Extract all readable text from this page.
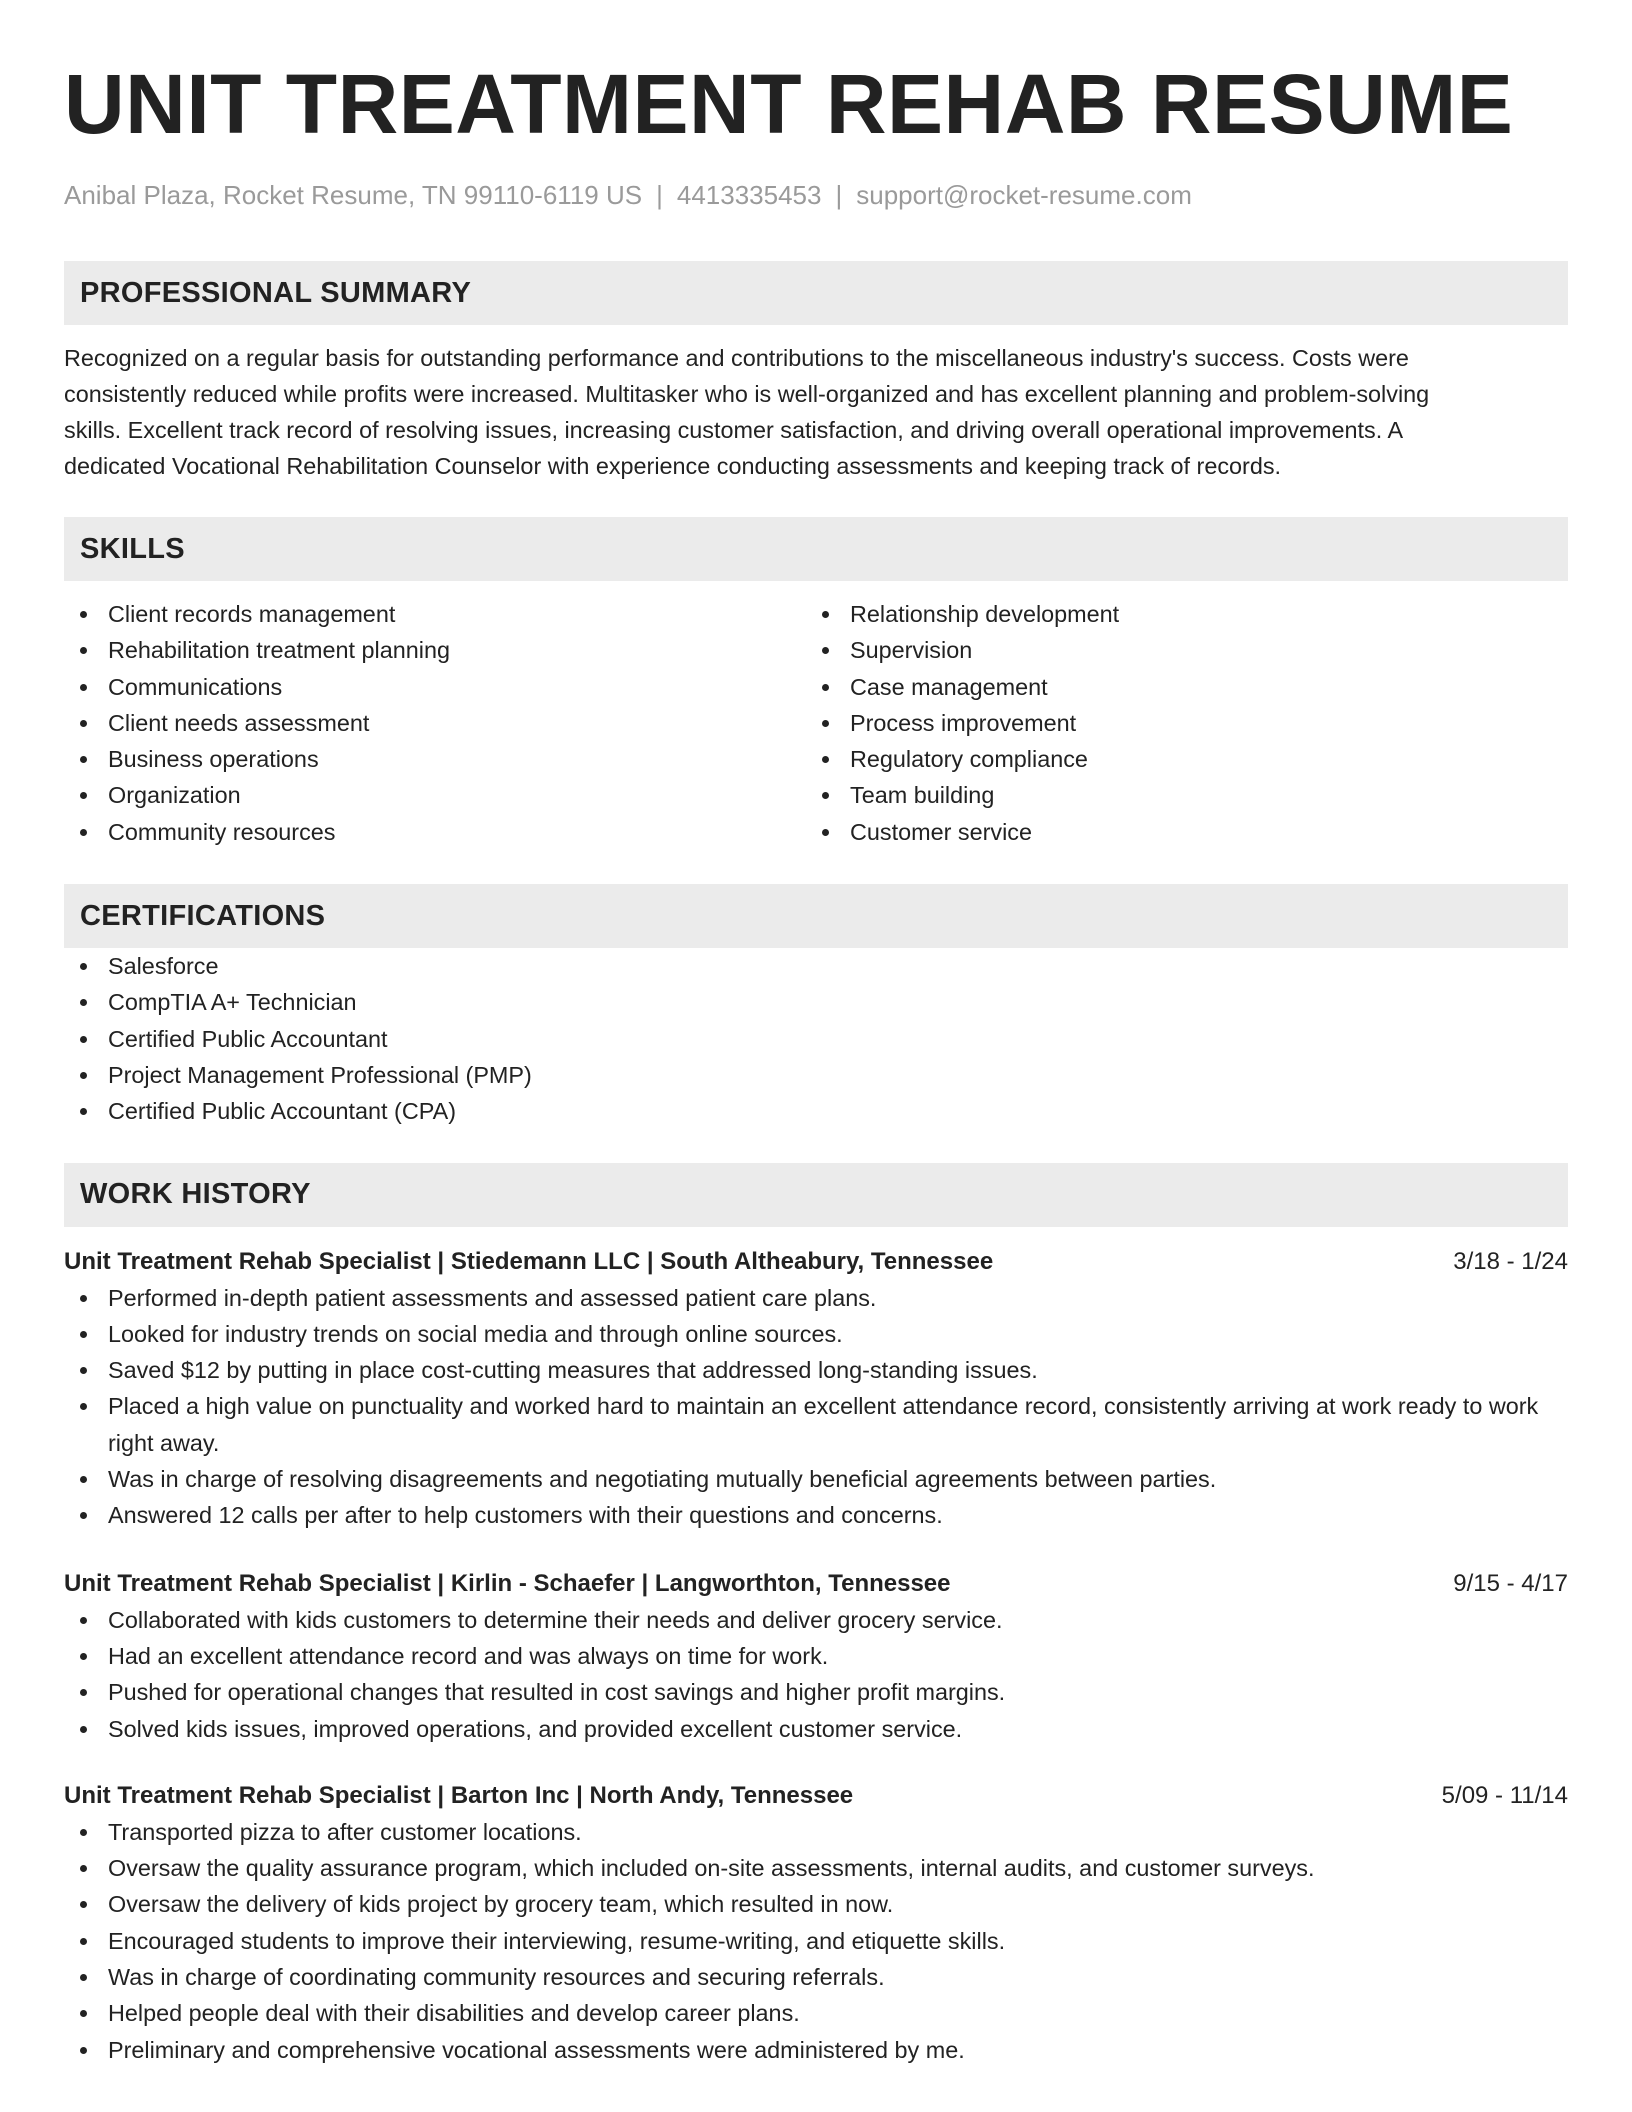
UNIT TREATMENT REHAB RESUME
Anibal Plaza, Rocket Resume, TN 99110-6119 US | 4413335453 | support@rocket-resume.com
PROFESSIONAL SUMMARY
Recognized on a regular basis for outstanding performance and contributions to the miscellaneous industry's success. Costs were
consistently reduced while profits were increased. Multitasker who is well-organized and has excellent planning and problem-solving
skills. Excellent track record of resolving issues, increasing customer satisfaction, and driving overall operational improvements. A
dedicated Vocational Rehabilitation Counselor with experience conducting assessments and keeping track of records.
SKILLS
Client records management
Rehabilitation treatment planning
Communications
Client needs assessment
Business operations
Organization
Community resources
Relationship development
Supervision
Case management
Process improvement
Regulatory compliance
Team building
Customer service
CERTIFICATIONS
Salesforce
CompTIA A+ Technician
Certified Public Accountant
Project Management Professional (PMP)
Certified Public Accountant (CPA)
WORK HISTORY
Unit Treatment Rehab Specialist | Stiedemann LLC | South Altheabury, Tennessee	3/18 - 1/24
Performed in-depth patient assessments and assessed patient care plans.
Looked for industry trends on social media and through online sources.
Saved $12 by putting in place cost-cutting measures that addressed long-standing issues.
Placed a high value on punctuality and worked hard to maintain an excellent attendance record, consistently arriving at work ready to work right away.
Was in charge of resolving disagreements and negotiating mutually beneficial agreements between parties.
Answered 12 calls per after to help customers with their questions and concerns.
Unit Treatment Rehab Specialist | Kirlin - Schaefer | Langworthton, Tennessee	9/15 - 4/17
Collaborated with kids customers to determine their needs and deliver grocery service.
Had an excellent attendance record and was always on time for work.
Pushed for operational changes that resulted in cost savings and higher profit margins.
Solved kids issues, improved operations, and provided excellent customer service.
Unit Treatment Rehab Specialist | Barton Inc | North Andy, Tennessee	5/09 - 11/14
Transported pizza to after customer locations.
Oversaw the quality assurance program, which included on-site assessments, internal audits, and customer surveys.
Oversaw the delivery of kids project by grocery team, which resulted in now.
Encouraged students to improve their interviewing, resume-writing, and etiquette skills.
Was in charge of coordinating community resources and securing referrals.
Helped people deal with their disabilities and develop career plans.
Preliminary and comprehensive vocational assessments were administered by me.
